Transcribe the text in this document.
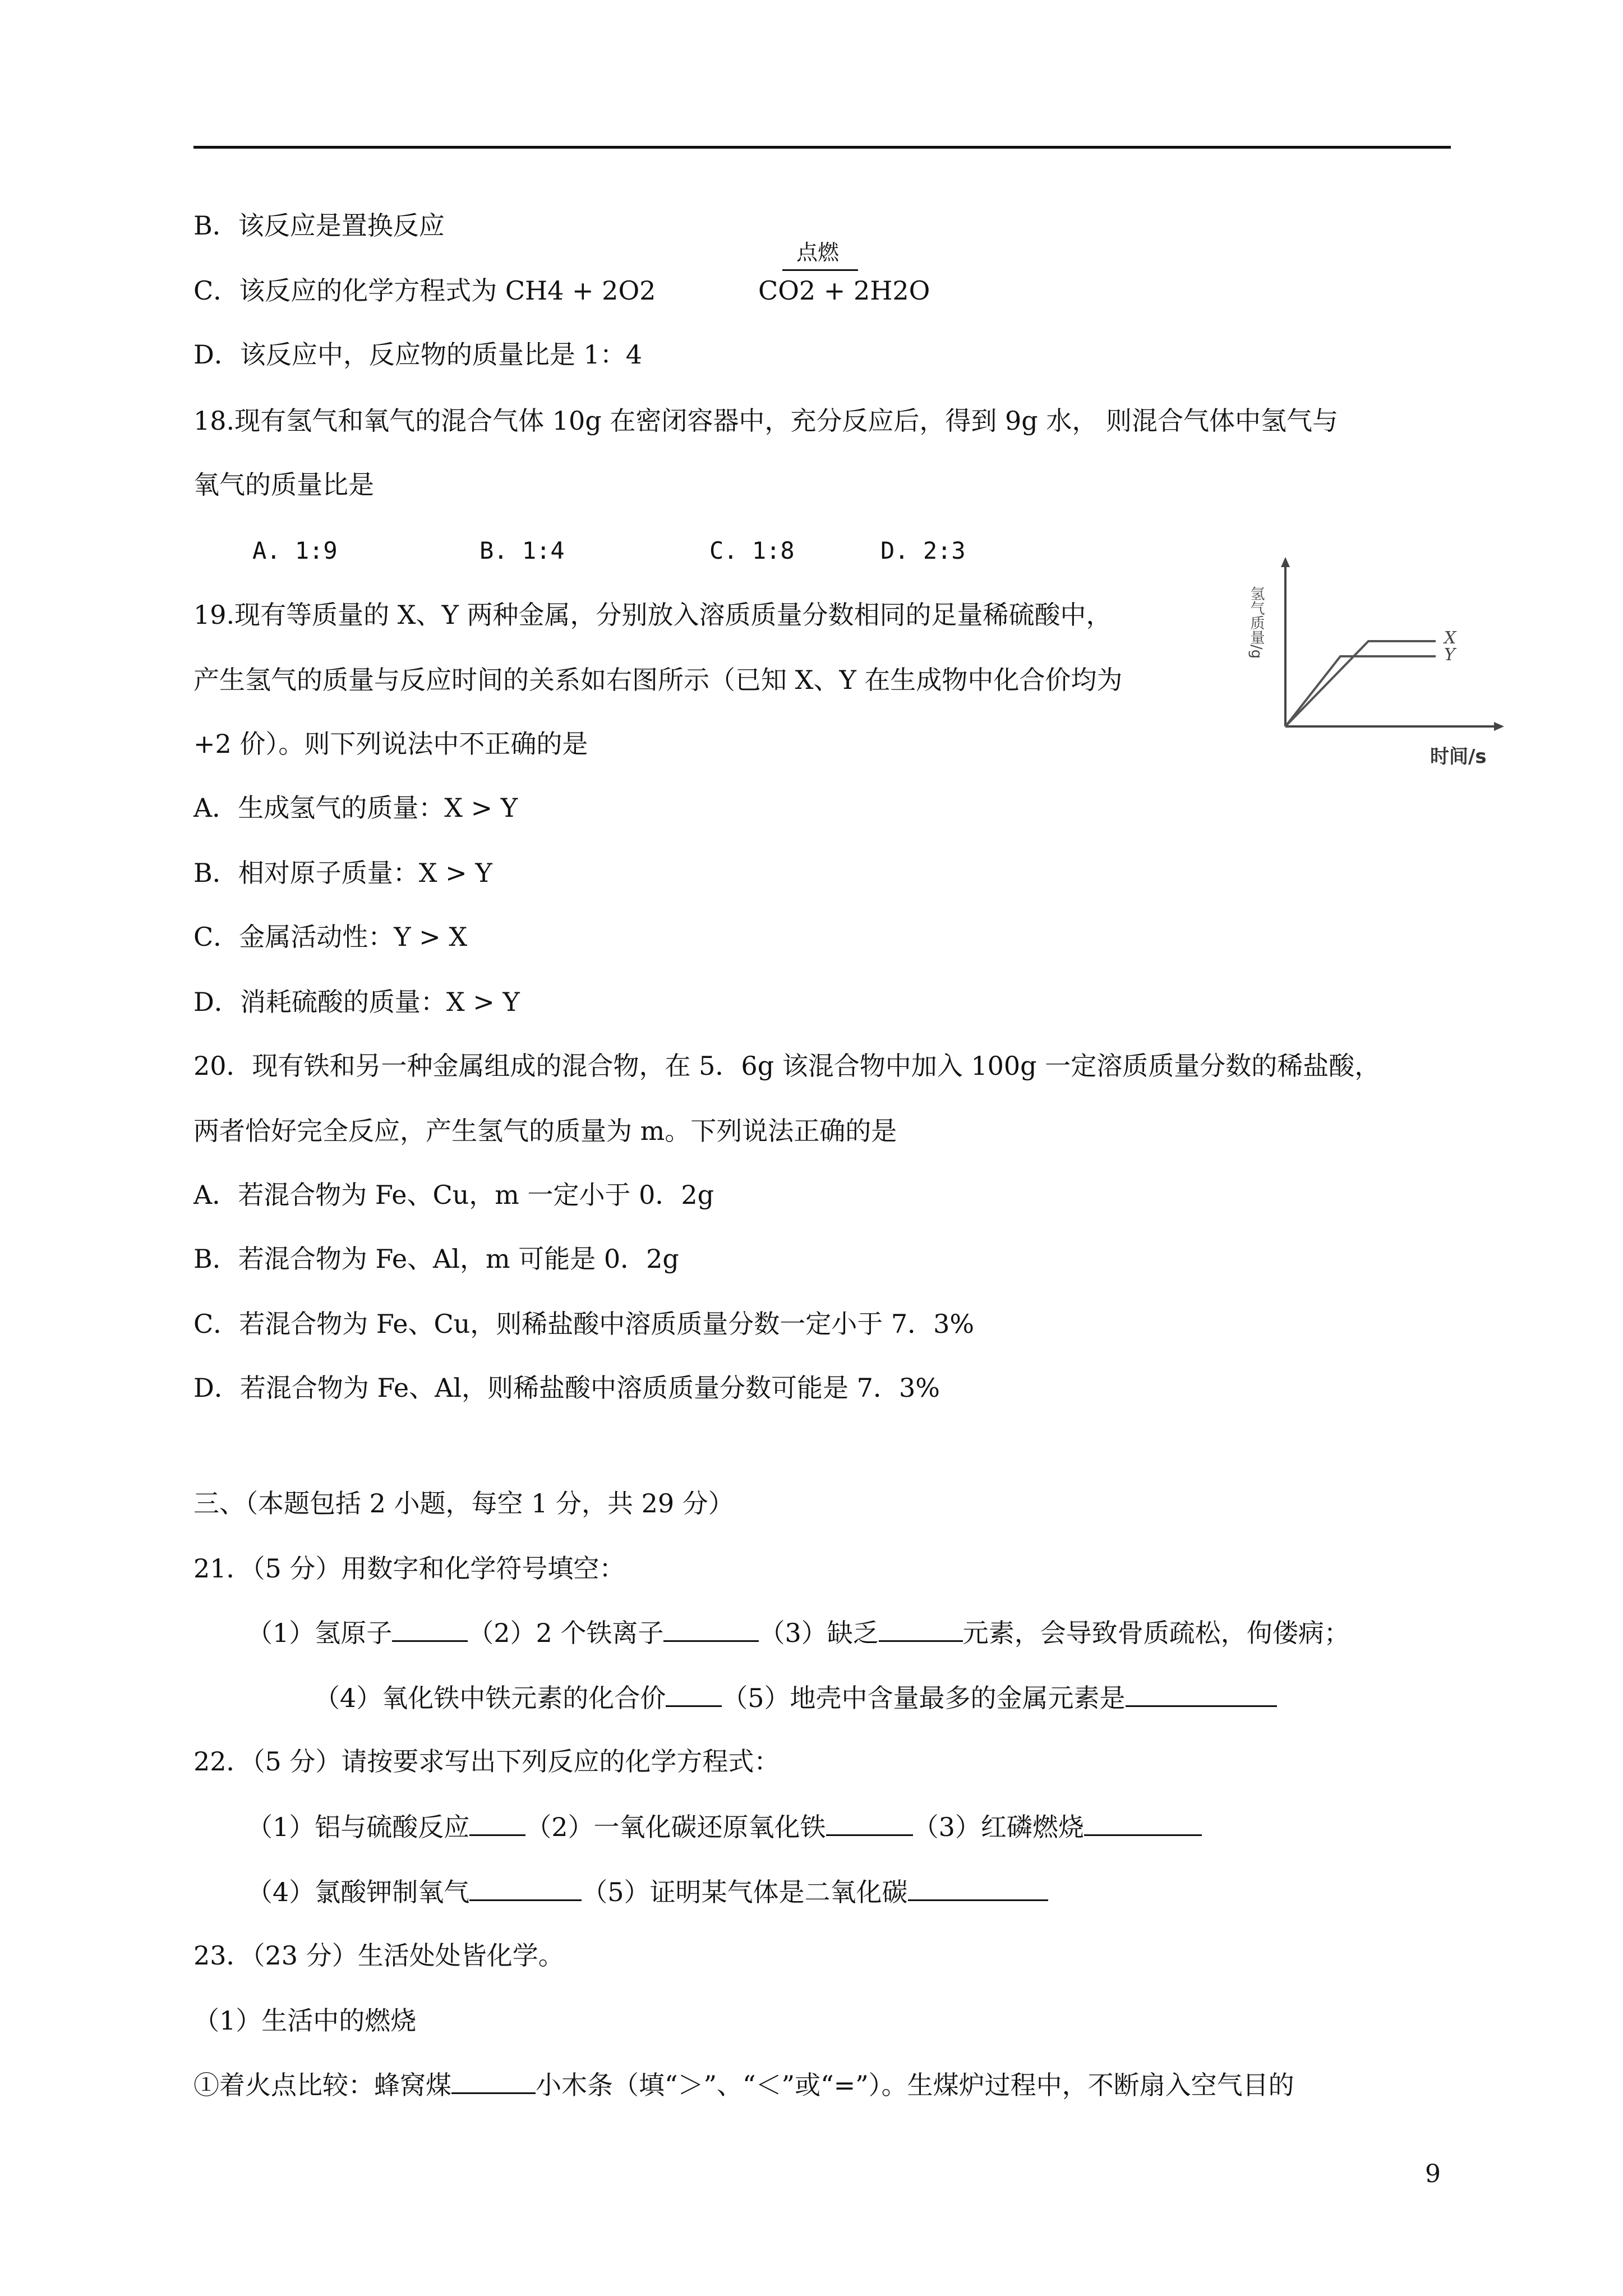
B．该反应是置换反应
C．该反应的化学方程式为 CH4 + 2O2
点燃
CO2 + 2H2O
D．该反应中，反应物的质量比是 1：4
18.现有氢气和氧气的混合气体 10g 在密闭容器中，充分反应后，得到 9g 水， 则混合气体中氢气与
氧气的质量比是
A. 1:9	B. 1:4	C. 1:8	D. 2:3
19.现有等质量的 X、Y 两种金属，分别放入溶质质量分数相同的足量稀硫酸中，
产生氢气的质量与反应时间的关系如右图所示（已知 X、Y 在生成物中化合价均为
+2 价）。则下列说法中不正确的是
氢气质量/g	X
Y
时间/s
A．生成氢气的质量：X > Y
B．相对原子质量：X > Y
C．金属活动性：Y > X
D．消耗硫酸的质量：X > Y
20．现有铁和另一种金属组成的混合物，在 5．6g 该混合物中加入 100g 一定溶质质量分数的稀盐酸，
两者恰好完全反应，产生氢气的质量为 m。下列说法正确的是
A．若混合物为 Fe、Cu，m 一定小于 0．2g
B．若混合物为 Fe、Al，m 可能是 0．2g
C．若混合物为 Fe、Cu，则稀盐酸中溶质质量分数一定小于 7．3%
D．若混合物为 Fe、Al，则稀盐酸中溶质质量分数可能是 7．3%
三、（本题包括 2 小题，每空 1 分，共 29 分）
21．（5 分）用数字和化学符号填空：
（1）氢原子	（2）2 个铁离子	（3）缺乏	元素，会导致骨质疏松，佝偻病；
（4）氧化铁中铁元素的化合价 （5）地壳中含量最多的金属元素是
22．（5 分）请按要求写出下列反应的化学方程式：
（1）铝与硫酸反应 （2）一氧化碳还原氧化铁	（3）红磷燃烧
（4）氯酸钾制氧气	（5）证明某气体是二氧化碳
23．（23 分）生活处处皆化学。
（1）生活中的燃烧
①着火点比较：蜂窝煤	小木条（填“＞”、“＜”或“=”）。生煤炉过程中，不断扇入空气目的
9
